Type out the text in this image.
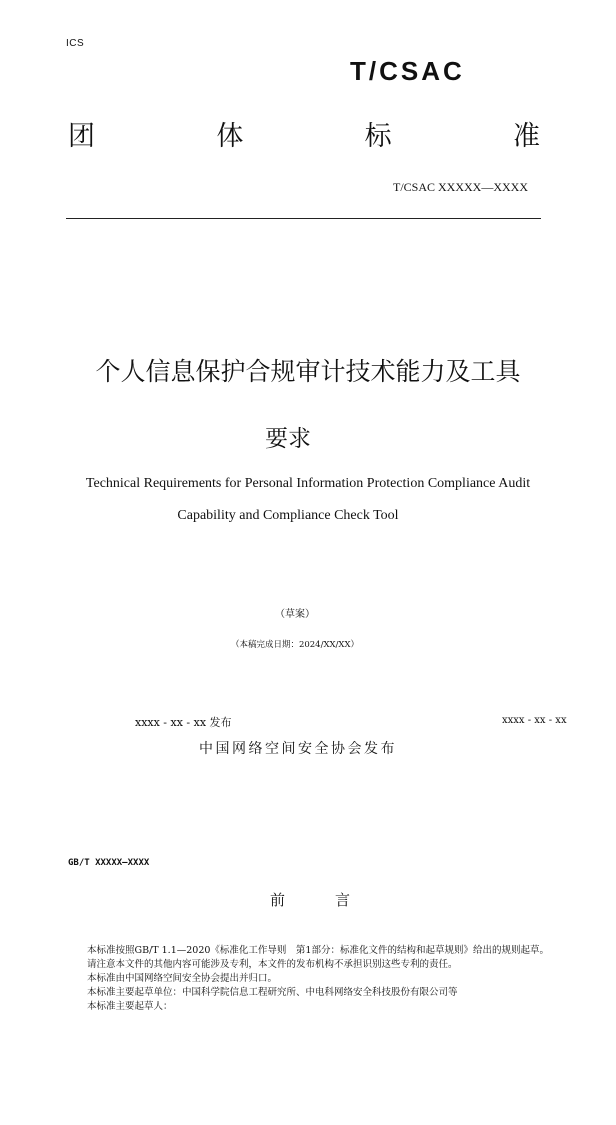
ICS
T/CSAC
团	体	标	准
T/CSAC XXXXX—XXXX
个人信息保护合规审计技术能力及工具
要求
Technical Requirements for Personal Information Protection Compliance Audit
Capability and Compliance Check Tool
（草案）
（本稿完成日期：2024/XX/XX）
xxxx - xx - xx 发布	xxxx - xx - xx
中国网络空间安全协会发布
GB/T XXXXX—XXXX
前	言

本标准按照GB/T 1.1—2020《标准化工作导则　第1部分：标准化文件的结构和起草规则》给出的规则起草。

请注意本文件的其他内容可能涉及专利，本文件的发布机构不承担识别这些专利的责任。

本标准由中国网络空间安全协会提出并归口。

本标准主要起草单位：中国科学院信息工程研究所、中电科网络安全科技股份有限公司等

本标准主要起草人：
